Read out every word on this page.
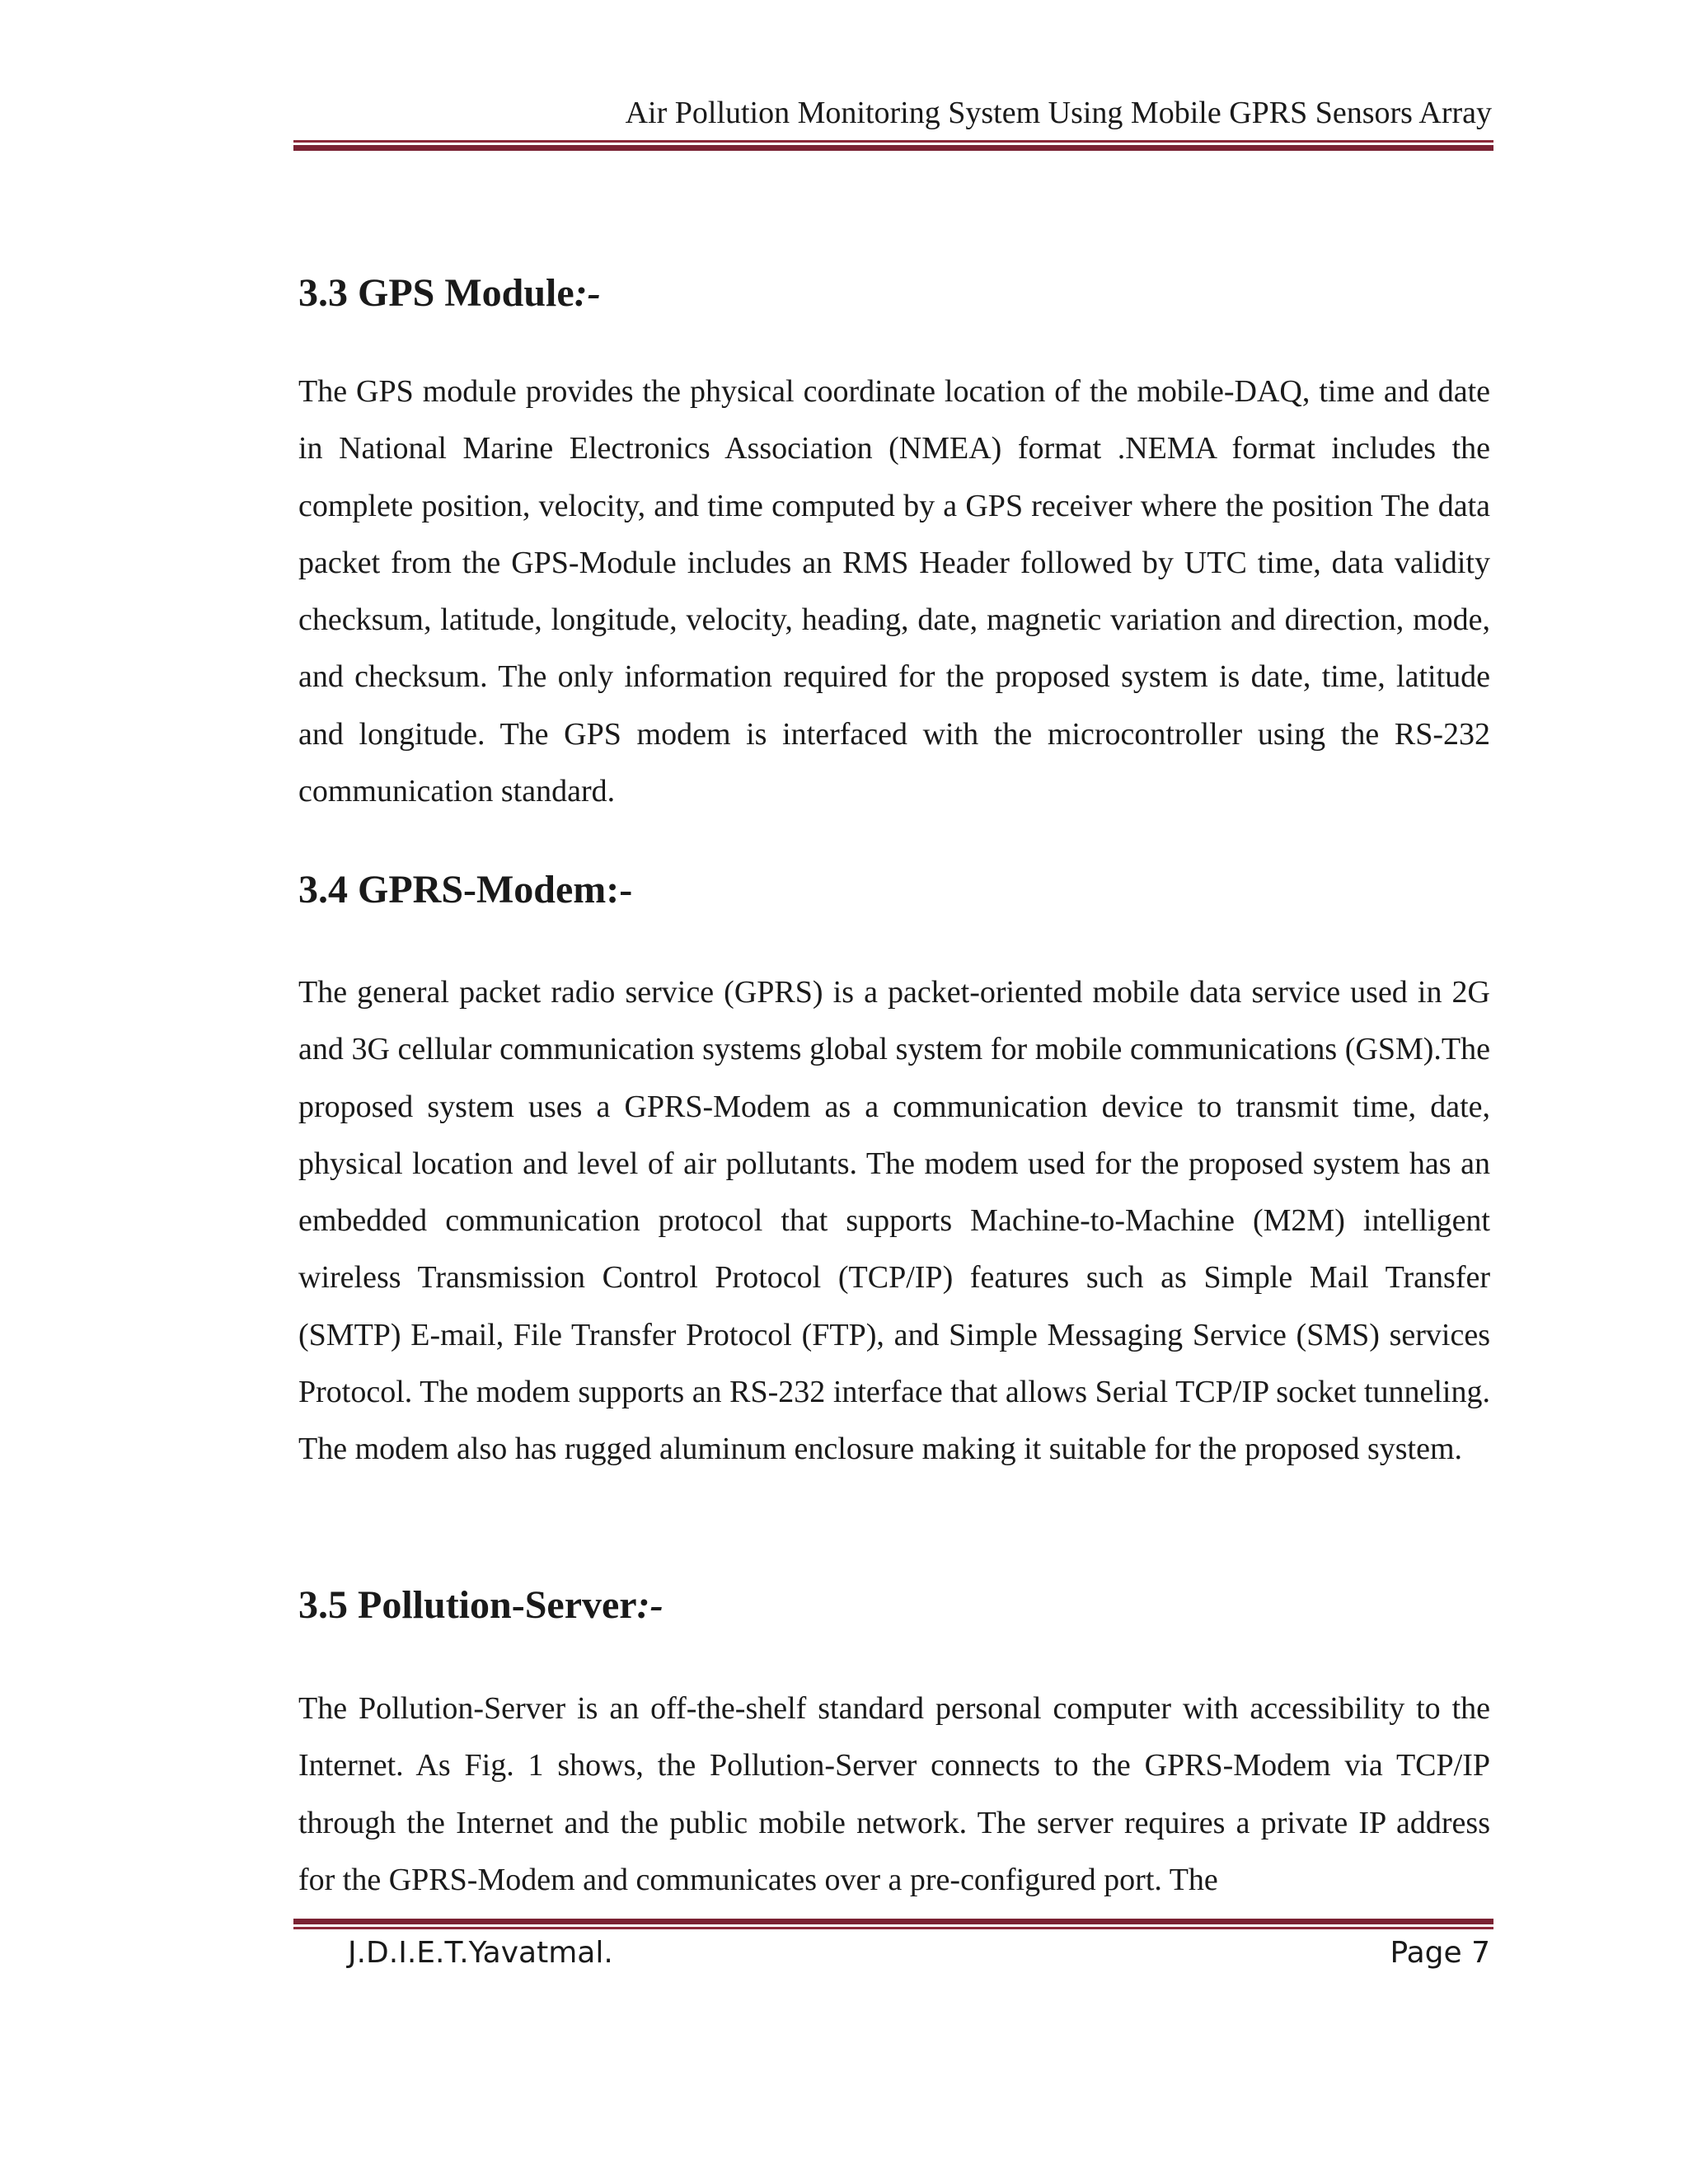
Air Pollution Monitoring System Using Mobile GPRS Sensors Array
3.3 GPS Module:-

The GPS module provides the physical coordinate location of the mobile-DAQ, time and date in National Marine Electronics Association (NMEA) format .NEMA format includes the complete position, velocity, and time computed by a GPS receiver where the position The data packet from the GPS-Module includes an RMS Header followed by UTC time, data validity checksum, latitude, longitude, velocity, heading, date, magnetic variation and direction, mode, and checksum. The only information required for the proposed system is date, time, latitude and longitude. The GPS modem is interfaced with the microcontroller using the RS-232 communication standard.

3.4 GPRS-Modem:-

The general packet radio service (GPRS) is a packet-oriented mobile data service used in 2G and 3G cellular communication systems global system for mobile communications (GSM).The proposed system uses a GPRS-Modem as a communication device to transmit time, date, physical location and level of air pollutants. The modem used for the proposed system has an embedded communication protocol that supports Machine-to-Machine (M2M) intelligent wireless Transmission Control Protocol (TCP/IP) features such as Simple Mail Transfer (SMTP) E-mail, File Transfer Protocol (FTP), and Simple Messaging Service (SMS) services Protocol. The modem supports an RS-232 interface that allows Serial TCP/IP socket tunneling. The modem also has rugged aluminum enclosure making it suitable for the proposed system.

3.5 Pollution-Server:-

The Pollution-Server is an off-the-shelf standard personal computer with accessibility to the Internet. As Fig. 1 shows, the Pollution-Server connects to the GPRS-Modem via TCP/IP through the Internet and the public mobile network. The server requires a private IP address for the GPRS-Modem and communicates over a pre-configured port. The

J.D.I.E.T.Yavatmal.	Page 7
